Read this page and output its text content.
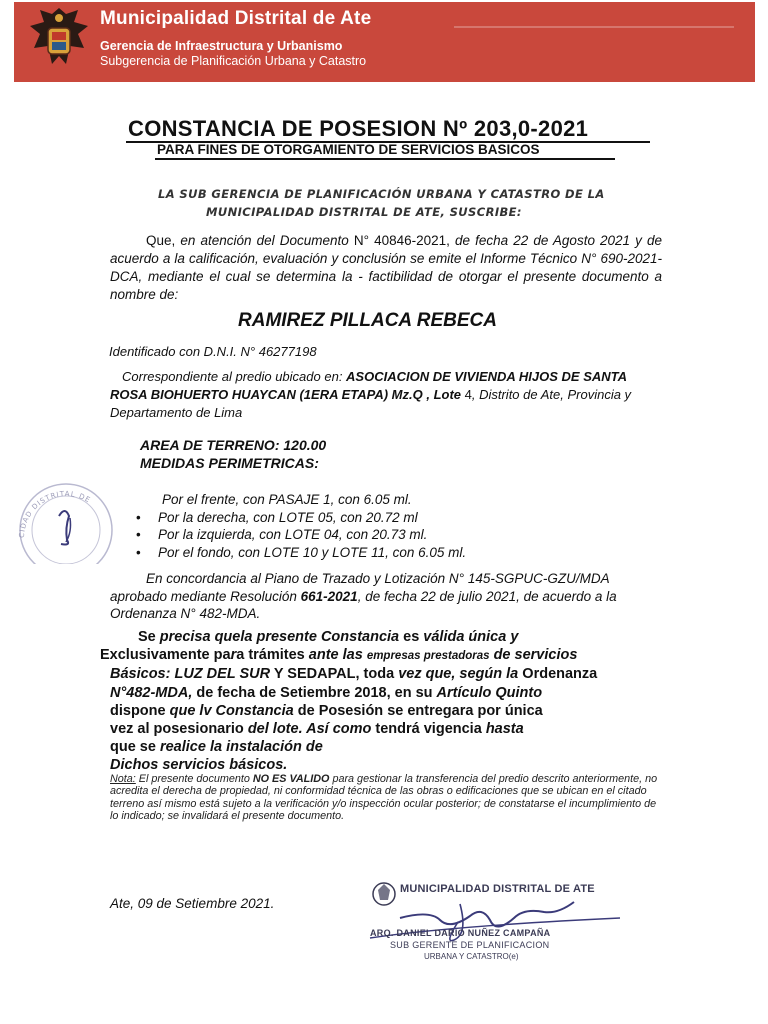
Municipalidad Distrital de Ate
Gerencia de Infraestructura y Urbanismo
Subgerencia de Planificación Urbana y Catastro
CONSTANCIA DE POSESION Nº 203,0-2021
PARA FINES DE OTORGAMIENTO DE SERVICIOS BASICOS
LA SUB GERENCIA DE PLANIFICACIÓN URBANA Y CATASTRO DE LA
MUNICIPALIDAD DISTRITAL DE ATE, SUSCRIBE:
Que, en atención del Documento N° 40846-2021, de fecha 22 de Agosto 2021 y de acuerdo a la calificación, evaluación y conclusión se emite el Informe Técnico N° 690-2021-DCA, mediante el cual se determina la - factibilidad de otorgar el presente documento a nombre de:
RAMIREZ PILLACA REBECA
Identificado con D.N.I. N° 46277198
Correspondiente al predio ubicado en: ASOCIACION DE VIVIENDA HIJOS DE SANTA ROSA BIOHUERTO HUAYCAN (1ERA ETAPA) Mz.Q , Lote 4, Distrito de Ate, Provincia y Departamento de Lima
AREA DE TERRENO: 120.00
MEDIDAS PERIMETRICAS:
Por el frente, con PASAJE 1, con 6.05 ml.
• Por la derecha, con LOTE 05, con 20.72 ml
• Por la izquierda, con LOTE 04, con 20.73 ml.
• Por el fondo, con LOTE 10 y LOTE 11, con 6.05 ml.
En concordancia al Piano de Trazado y Lotización N° 145-SGPUC-GZU/MDA aprobado mediante Resolución 661-2021, de fecha 22 de julio 2021, de acuerdo a la Ordenanza N° 482-MDA.
Se precisa quela presente Constancia es válida única y
Exclusivamente para trámites ante las empresas prestadoras de servicios
Básicos: LUZ DEL SUR Y SEDAPAL, toda vez que, según la Ordenanza
N°482-MDA, de fecha de Setiembre 2018, en su Artículo Quinto
dispone que lv Constancia de Posesión se entregara por única
vez al posesionario del lote. Así como tendrá vigencia hasta
que se realice la instalación de
Dichos servicios básicos.
Nota: El presente documento NO ES VALIDO para gestionar la transferencia del predio descrito anteriormente, no acredita el derecha de propiedad, ni conformidad técnica de las obras o edificaciones que se ubican en el citado terreno así mismo está sujeto a la verificación y/o inspección ocular posterior; de constatarse el incumplimiento de lo indicado; se invalidará el presente documento.
Ate, 09 de Setiembre 2021.
CIDAD DISTRITAL DE
MUNICIPALIDAD DISTRITAL DE ATE
ARQ. DANIEL DARIO NUÑEZ CAMPAÑA
SUB GERENTE DE PLANIFICACION
URBANA Y CATASTRO(e)
